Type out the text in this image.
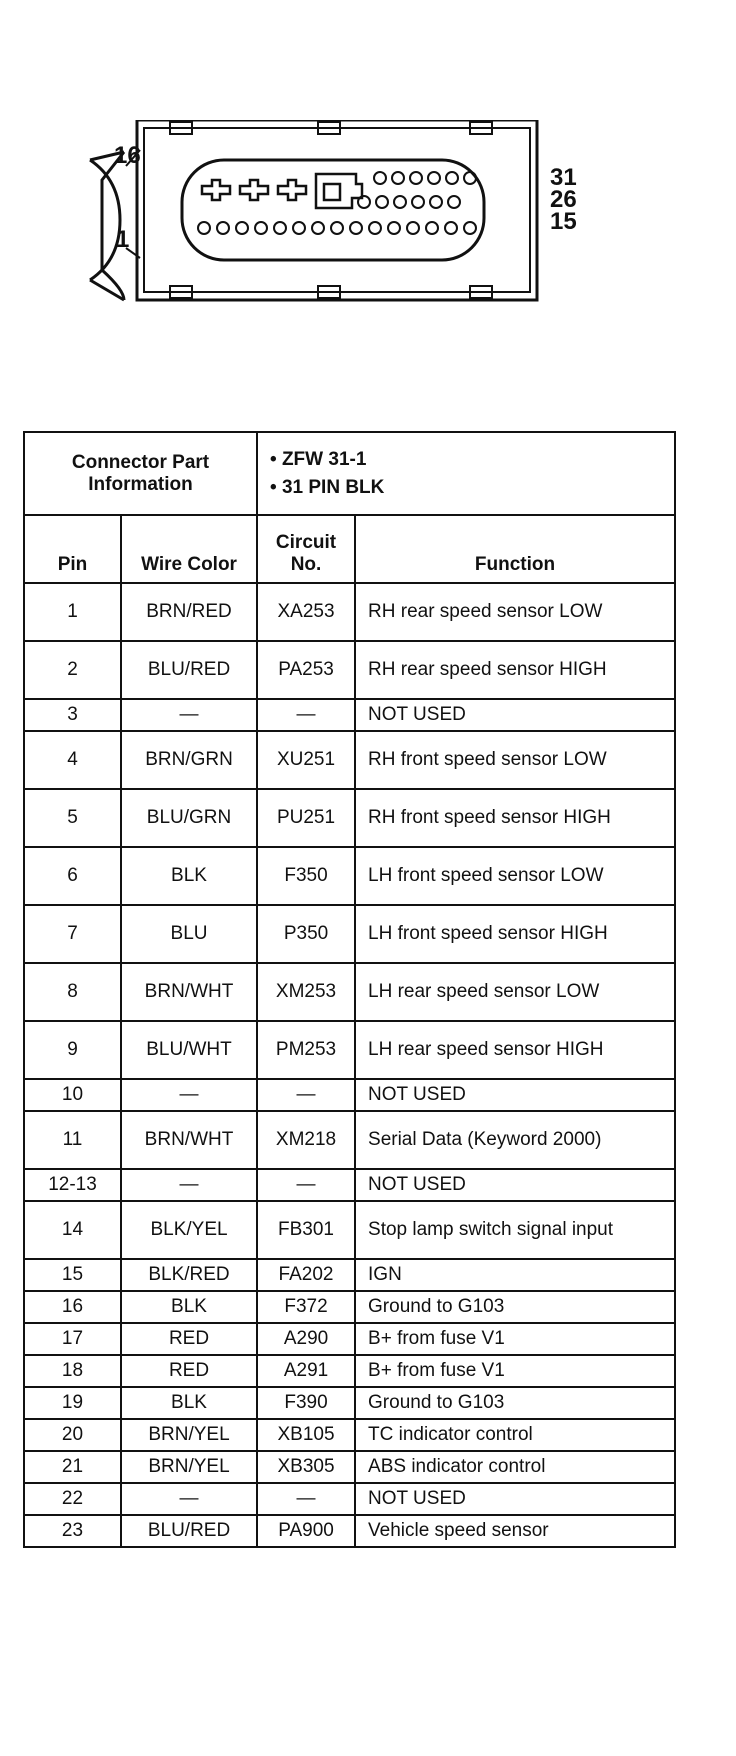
16
1
31
26
15
Connector Part Information		• ZFW 31-1
• 31 PIN BLK	

Pin	Wire Color	Circuit No.	Function
1	BRN/RED	XA253	RH rear speed sensor LOW
2	BLU/RED	PA253	RH rear speed sensor HIGH
3	—	—	NOT USED
4	BRN/GRN	XU251	RH front speed sensor LOW
5	BLU/GRN	PU251	RH front speed sensor HIGH
6	BLK	F350	LH front speed sensor LOW
7	BLU	P350	LH front speed sensor HIGH
8	BRN/WHT	XM253	LH rear speed sensor LOW
9	BLU/WHT	PM253	LH rear speed sensor HIGH
10	—	—	NOT USED
11	BRN/WHT	XM218	Serial Data (Keyword 2000)
12-13	—	—	NOT USED
14	BLK/YEL	FB301	Stop lamp switch signal input
15	BLK/RED	FA202	IGN
16	BLK	F372	Ground to G103
17	RED	A290	B+ from fuse V1
18	RED	A291	B+ from fuse V1
19	BLK	F390	Ground to G103
20	BRN/YEL	XB105	TC indicator control
21	BRN/YEL	XB305	ABS indicator control
22	—	—	NOT USED
23	BLU/RED	PA900	Vehicle speed sensor
